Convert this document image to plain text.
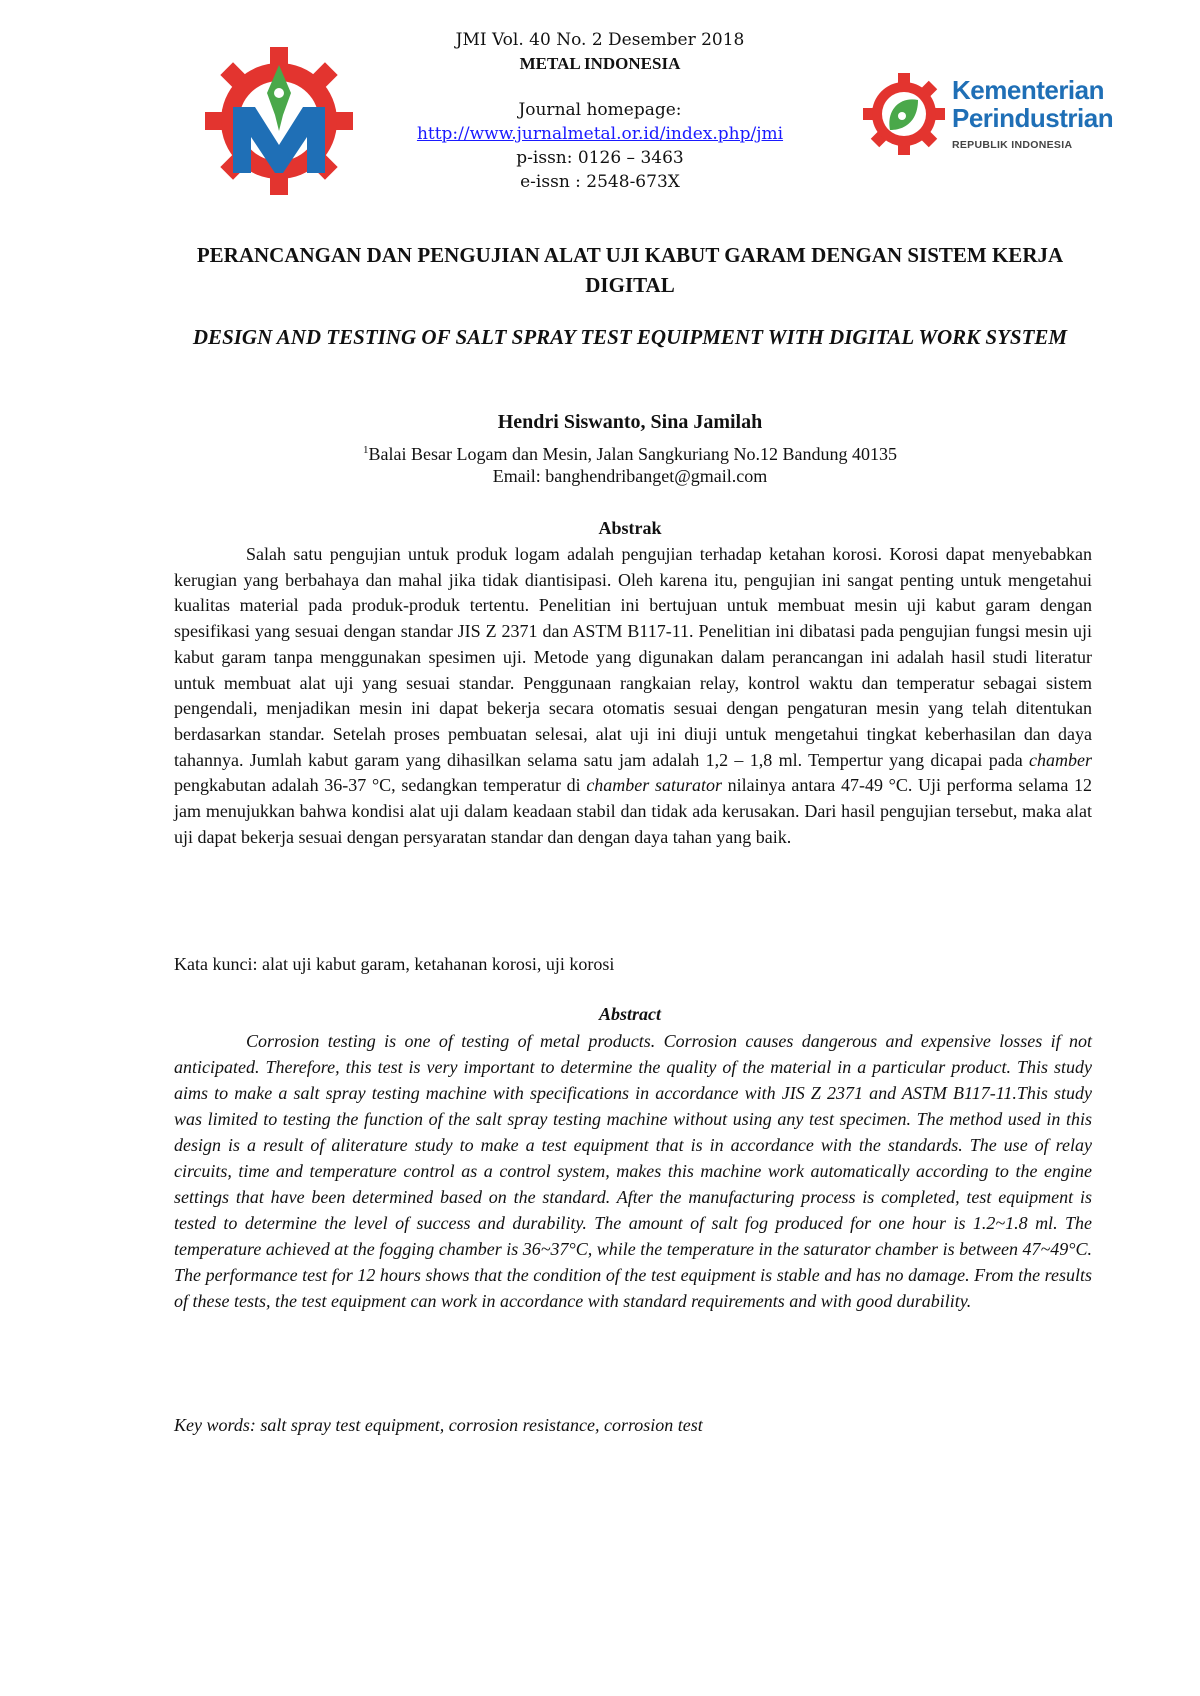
JMI Vol. 40 No. 2 Desember 2018
METAL INDONESIA
Journal homepage:
http://www.jurnalmetal.or.id/index.php/jmi
p-issn: 0126 – 3463
e-issn : 2548-673X
Kementerian
Perindustrian
REPUBLIK INDONESIA
PERANCANGAN DAN PENGUJIAN ALAT UJI KABUT GARAM DENGAN SISTEM KERJA DIGITAL
DESIGN AND TESTING OF SALT SPRAY TEST EQUIPMENT WITH DIGITAL WORK SYSTEM
Hendri Siswanto, Sina Jamilah
$^1$Balai Besar Logam dan Mesin, Jalan Sangkuriang No.12 Bandung 40135
Email: banghendribanget@gmail.com
Abstrak
Salah satu pengujian untuk produk logam adalah pengujian terhadap ketahan korosi. Korosi dapat menyebabkan kerugian yang berbahaya dan mahal jika tidak diantisipasi. Oleh karena itu, pengujian ini sangat penting untuk mengetahui kualitas material pada produk-produk tertentu. Penelitian ini bertujuan untuk membuat mesin uji kabut garam dengan spesifikasi yang sesuai dengan standar JIS Z 2371 dan ASTM B117-11. Penelitian ini dibatasi pada pengujian fungsi mesin uji kabut garam tanpa menggunakan spesimen uji. Metode yang digunakan dalam perancangan ini adalah hasil studi literatur untuk membuat alat uji yang sesuai standar. Penggunaan rangkaian relay, kontrol waktu dan temperatur sebagai sistem pengendali, menjadikan mesin ini dapat bekerja secara otomatis sesuai dengan pengaturan mesin yang telah ditentukan berdasarkan standar. Setelah proses pembuatan selesai, alat uji ini diuji untuk mengetahui tingkat keberhasilan dan daya tahannya. Jumlah kabut garam yang dihasilkan selama satu jam adalah 1,2 – 1,8 ml. Tempertur yang dicapai pada chamber pengkabutan adalah 36-37 °C, sedangkan temperatur di chamber saturator nilainya antara 47-49 °C. Uji performa selama 12 jam menujukkan bahwa kondisi alat uji dalam keadaan stabil dan tidak ada kerusakan. Dari hasil pengujian tersebut, maka alat uji dapat bekerja sesuai dengan persyaratan standar dan dengan daya tahan yang baik.
Kata kunci: alat uji kabut garam, ketahanan korosi, uji korosi
Abstract
Corrosion testing is one of testing of metal products. Corrosion causes dangerous and expensive losses if not anticipated. Therefore, this test is very important to determine the quality of the material in a particular product. This study aims to make a salt spray testing machine with specifications in accordance with JIS Z 2371 and ASTM B117-11.This study was limited to testing the function of the salt spray testing machine without using any test specimen. The method used in this design is a result of aliterature study to make a test equipment that is in accordance with the standards. The use of relay circuits, time and temperature control as a control system, makes this machine work automatically according to the engine settings that have been determined based on the standard. After the manufacturing process is completed, test equipment is tested to determine the level of success and durability. The amount of salt fog produced for one hour is 1.2~1.8 ml. The temperature achieved at the fogging chamber is 36~37°C, while the temperature in the saturator chamber is between 47~49°C. The performance test for 12 hours shows that the condition of the test equipment is stable and has no damage. From the results of these tests, the test equipment can work in accordance with standard requirements and with good durability.
Key words: salt spray test equipment, corrosion resistance, corrosion test
